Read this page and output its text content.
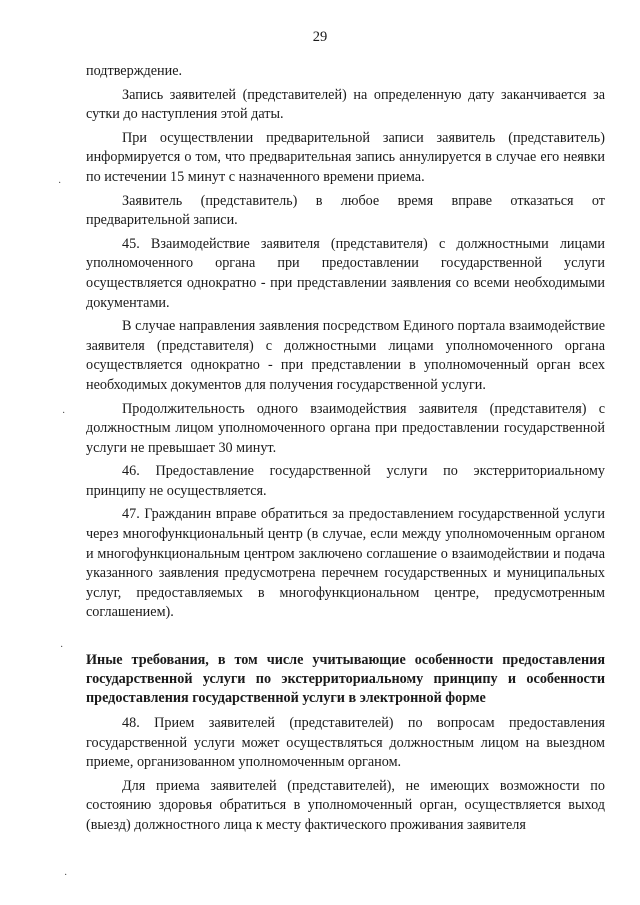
29

подтверждение.

Запись заявителей (представителей) на определенную дату заканчивается за сутки до наступления этой даты.

При осуществлении предварительной записи заявитель (представитель) информируется о том, что предварительная запись аннулируется в случае его неявки по истечении 15 минут с назначенного времени приема.

Заявитель (представитель) в любое время вправе отказаться от предварительной записи.

45. Взаимодействие заявителя (представителя) с должностными лицами уполномоченного органа при предоставлении государственной услуги осуществляется однократно - при представлении заявления со всеми необходимыми документами.

В случае направления заявления посредством Единого портала взаимодействие заявителя (представителя) с должностными лицами уполномоченного органа осуществляется однократно - при представлении в уполномоченный орган всех необходимых документов для получения государственной услуги.

Продолжительность одного взаимодействия заявителя (представителя) с должностным лицом уполномоченного органа при предоставлении государственной услуги не превышает 30 минут.

46. Предоставление государственной услуги по экстерриториальному принципу не осуществляется.

47. Гражданин вправе обратиться за предоставлением государственной услуги через многофункциональный центр (в случае, если между уполномоченным органом и многофункциональным центром заключено соглашение о взаимодействии и подача указанного заявления предусмотрена перечнем государственных и муниципальных услуг, предоставляемых в многофункциональном центре, предусмотренным соглашением).

Иные требования, в том числе учитывающие особенности предоставления государственной услуги по экстерриториальному принципу и особенности предоставления государственной услуги в электронной форме

48. Прием заявителей (представителей) по вопросам предоставления государственной услуги может осуществляться должностным лицом на выездном приеме, организованном уполномоченным органом.

Для приема заявителей (представителей), не имеющих возможности по состоянию здоровья обратиться в уполномоченный орган, осуществляется выход (выезд) должностного лица к месту фактического проживания заявителя

·
·
·
·
